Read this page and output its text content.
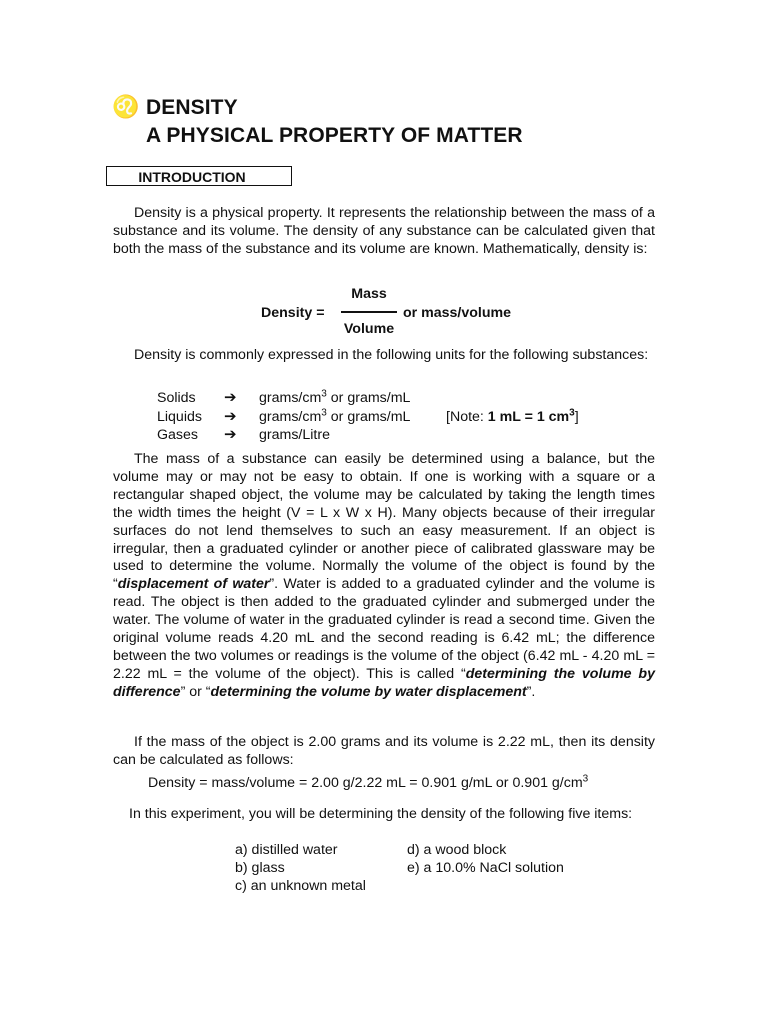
♌ DENSITY
A PHYSICAL PROPERTY OF MATTER
INTRODUCTION

Density is a physical property. It represents the relationship between the mass of a substance and its volume. The density of any substance can be calculated given that both the mass of the substance and its volume are known. Mathematically, density is:

Density =
Mass
Volume
or mass/volume

Density is commonly expressed in the following units for the following substances:

Solids ➔ grams/$cm^3$ or grams/mL
Liquids ➔ grams/$cm^3$ or grams/mL
Gases ➔ grams/Litre
[Note: 1 mL = 1 $cm^3$]

The mass of a substance can easily be determined using a balance, but the volume may or may not be easy to obtain. If one is working with a square or a rectangular shaped object, the volume may be calculated by taking the length times the width times the height (V = L x W x H). Many objects because of their irregular surfaces do not lend themselves to such an easy measurement. If an object is irregular, then a graduated cylinder or another piece of calibrated glassware may be used to determine the volume. Normally the volume of the object is found by the “displacement of water”. Water is added to a graduated cylinder and the volume is read. The object is then added to the graduated cylinder and submerged under the water. The volume of water in the graduated cylinder is read a second time. Given the original volume reads 4.20 mL and the second reading is 6.42 mL; the difference between the two volumes or readings is the volume of the object (6.42 mL - 4.20 mL = 2.22 mL = the volume of the object). This is called “determining the volume by difference” or “determining the volume by water displacement”.

If the mass of the object is 2.00 grams and its volume is 2.22 mL, then its density can be calculated as follows:

Density = mass/volume = 2.00 g/2.22 mL = 0.901 g/mL or 0.901 $g/cm^3$

In this experiment, you will be determining the density of the following five items:

a) distilled water
b) glass
c) an unknown metal
d) a wood block
e) a 10.0% NaCl solution
